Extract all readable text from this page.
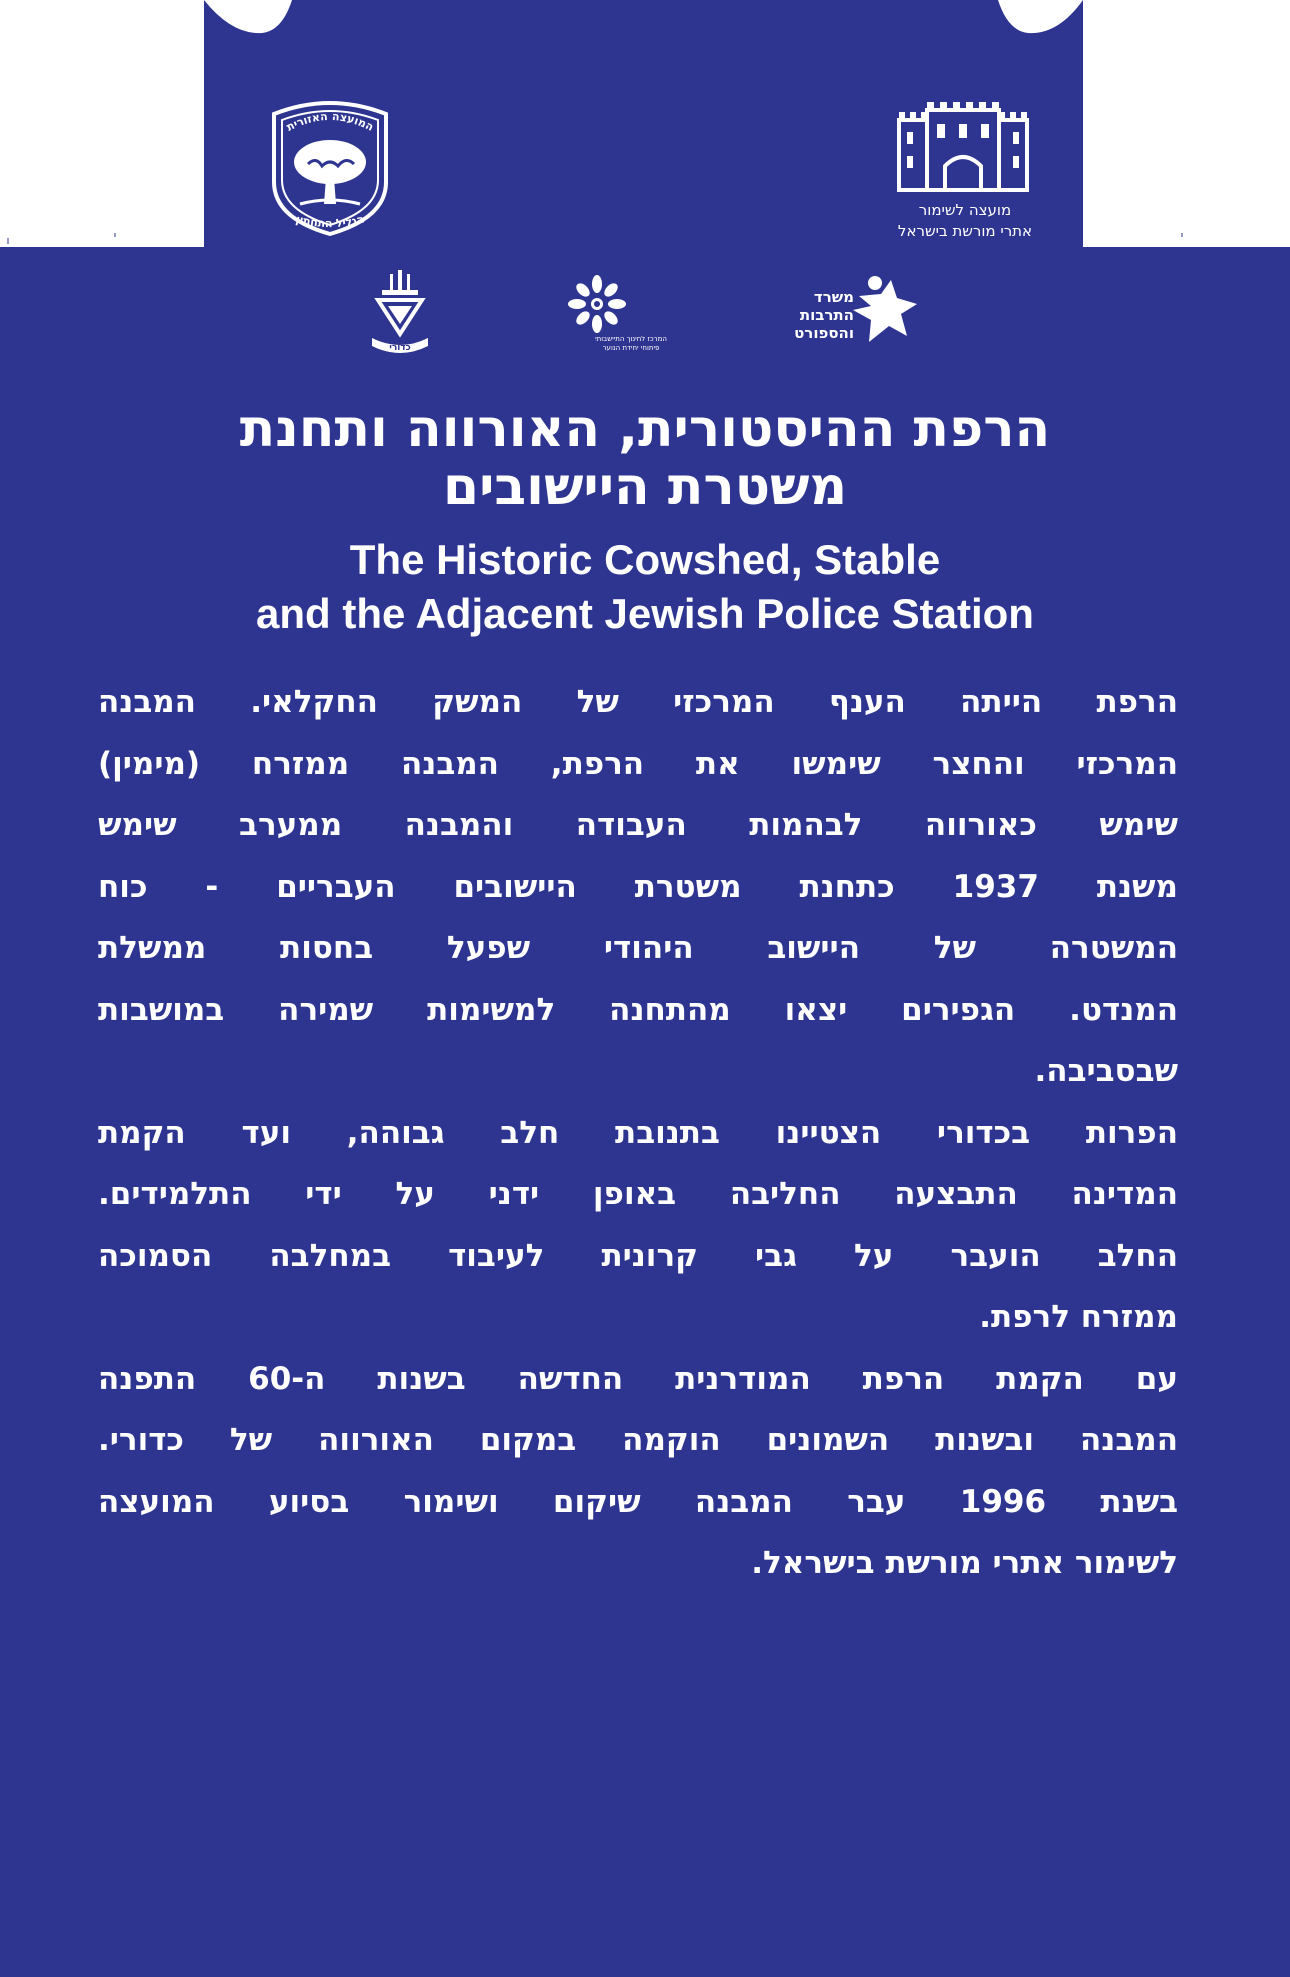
המועצה האזורית
הגליל התחתון
מועצה לשימור
אתרי מורשת בישראל
משרד
התרבות
והספורט
המרכז לחינוך התיישבותי
פיתוחי יחידת הנוער
כדורי
הרפת ההיסטורית, האורווה ותחנת
משטרת היישובים
The Historic Cowshed, Stable
and the Adjacent Jewish Police Station
הרפת הייתה הענף המרכזי של המשק החקלאי. המבנה
המרכזי והחצר שימשו את הרפת, המבנה ממזרח (מימין)
שימש כאורווה לבהמות העבודה והמבנה ממערב שימש
משנת 1937 כתחנת משטרת היישובים העבריים - כוח
המשטרה של היישוב היהודי שפעל בחסות ממשלת
המנדט. הגפירים יצאו מהתחנה למשימות שמירה במושבות
שבסביבה.
הפרות בכדורי הצטיינו בתנובת חלב גבוהה, ועד הקמת
המדינה התבצעה החליבה באופן ידני על ידי התלמידים.
החלב הועבר על גבי קרונית לעיבוד במחלבה הסמוכה
ממזרח לרפת.
עם הקמת הרפת המודרנית החדשה בשנות ה-60 התפנה
המבנה ובשנות השמונים הוקמה במקום האורווה של כדורי.
בשנת 1996 עבר המבנה שיקום ושימור בסיוע המועצה
לשימור אתרי מורשת בישראל.
